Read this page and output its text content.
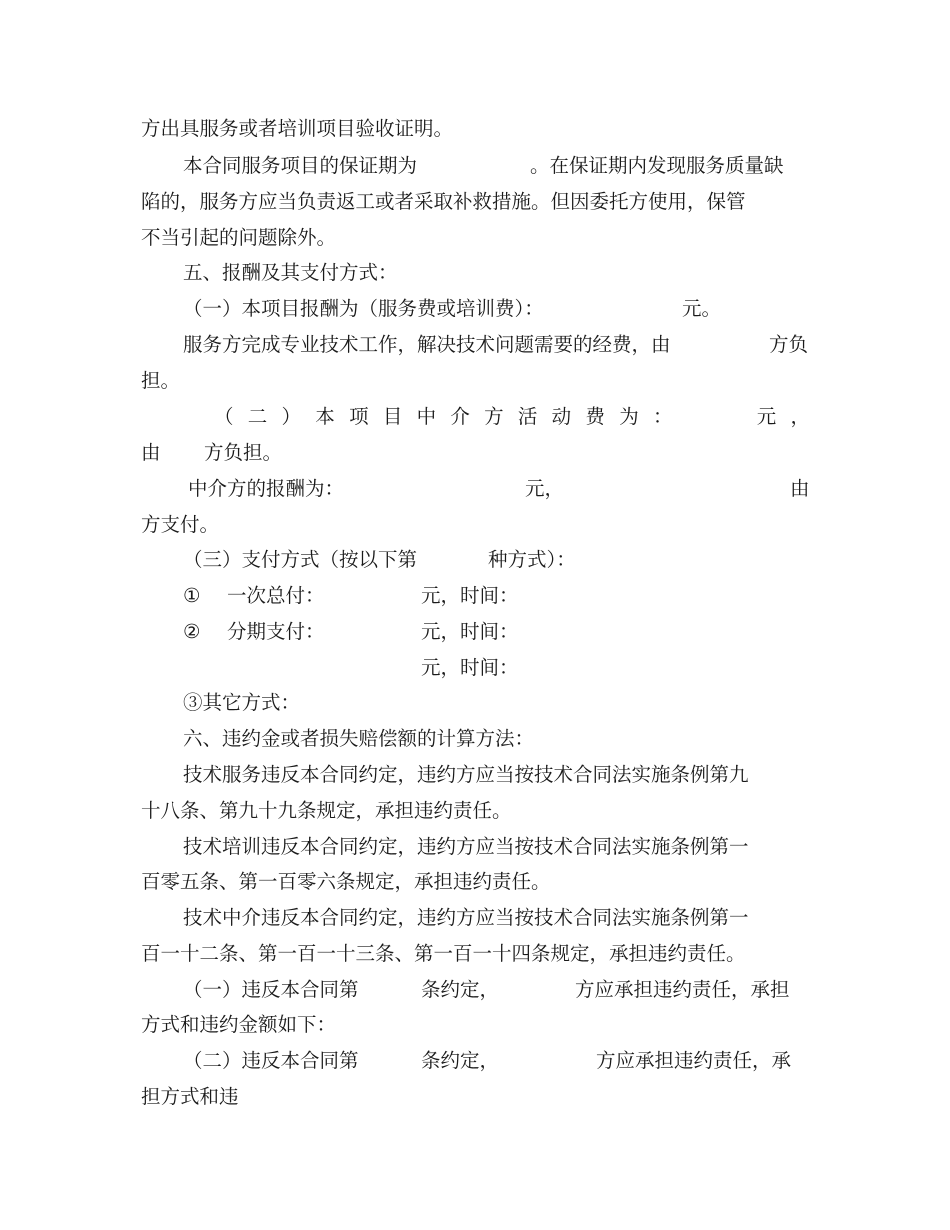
方出具服务或者培训项目验收证明。
本合同服务项目的保证期为	。在保证期内发现服务质量缺
陷的，服务方应当负责返工或者采取补救措施。但因委托方使用，保管
不当引起的问题除外。
五、报酬及其支付方式：
（一）本项目报酬为（服务费或培训费）：	元。
服务方完成专业技术工作，解决技术问题需要的经费，由	方负
担。
（ 二 ） 本 项 目 中 介 方 活 动 费 为 ：	元 ，
由 方负担。
中介方的报酬为：	元，	由
方支付。
（三）支付方式（按以下第	种方式）：
① 一次总付：	元，时间：
② 分期支付：	元，时间：
元，时间：
③其它方式：
六、违约金或者损失赔偿额的计算方法：
技术服务违反本合同约定，违约方应当按技术合同法实施条例第九
十八条、第九十九条规定，承担违约责任。
技术培训违反本合同约定，违约方应当按技术合同法实施条例第一
百零五条、第一百零六条规定，承担违约责任。
技术中介违反本合同约定，违约方应当按技术合同法实施条例第一
百一十二条、第一百一十三条、第一百一十四条规定，承担违约责任。
（一）违反本合同第	条约定，	方应承担违约责任，承担
方式和违约金额如下：
（二）违反本合同第	条约定，	方应承担违约责任，承
担方式和违
